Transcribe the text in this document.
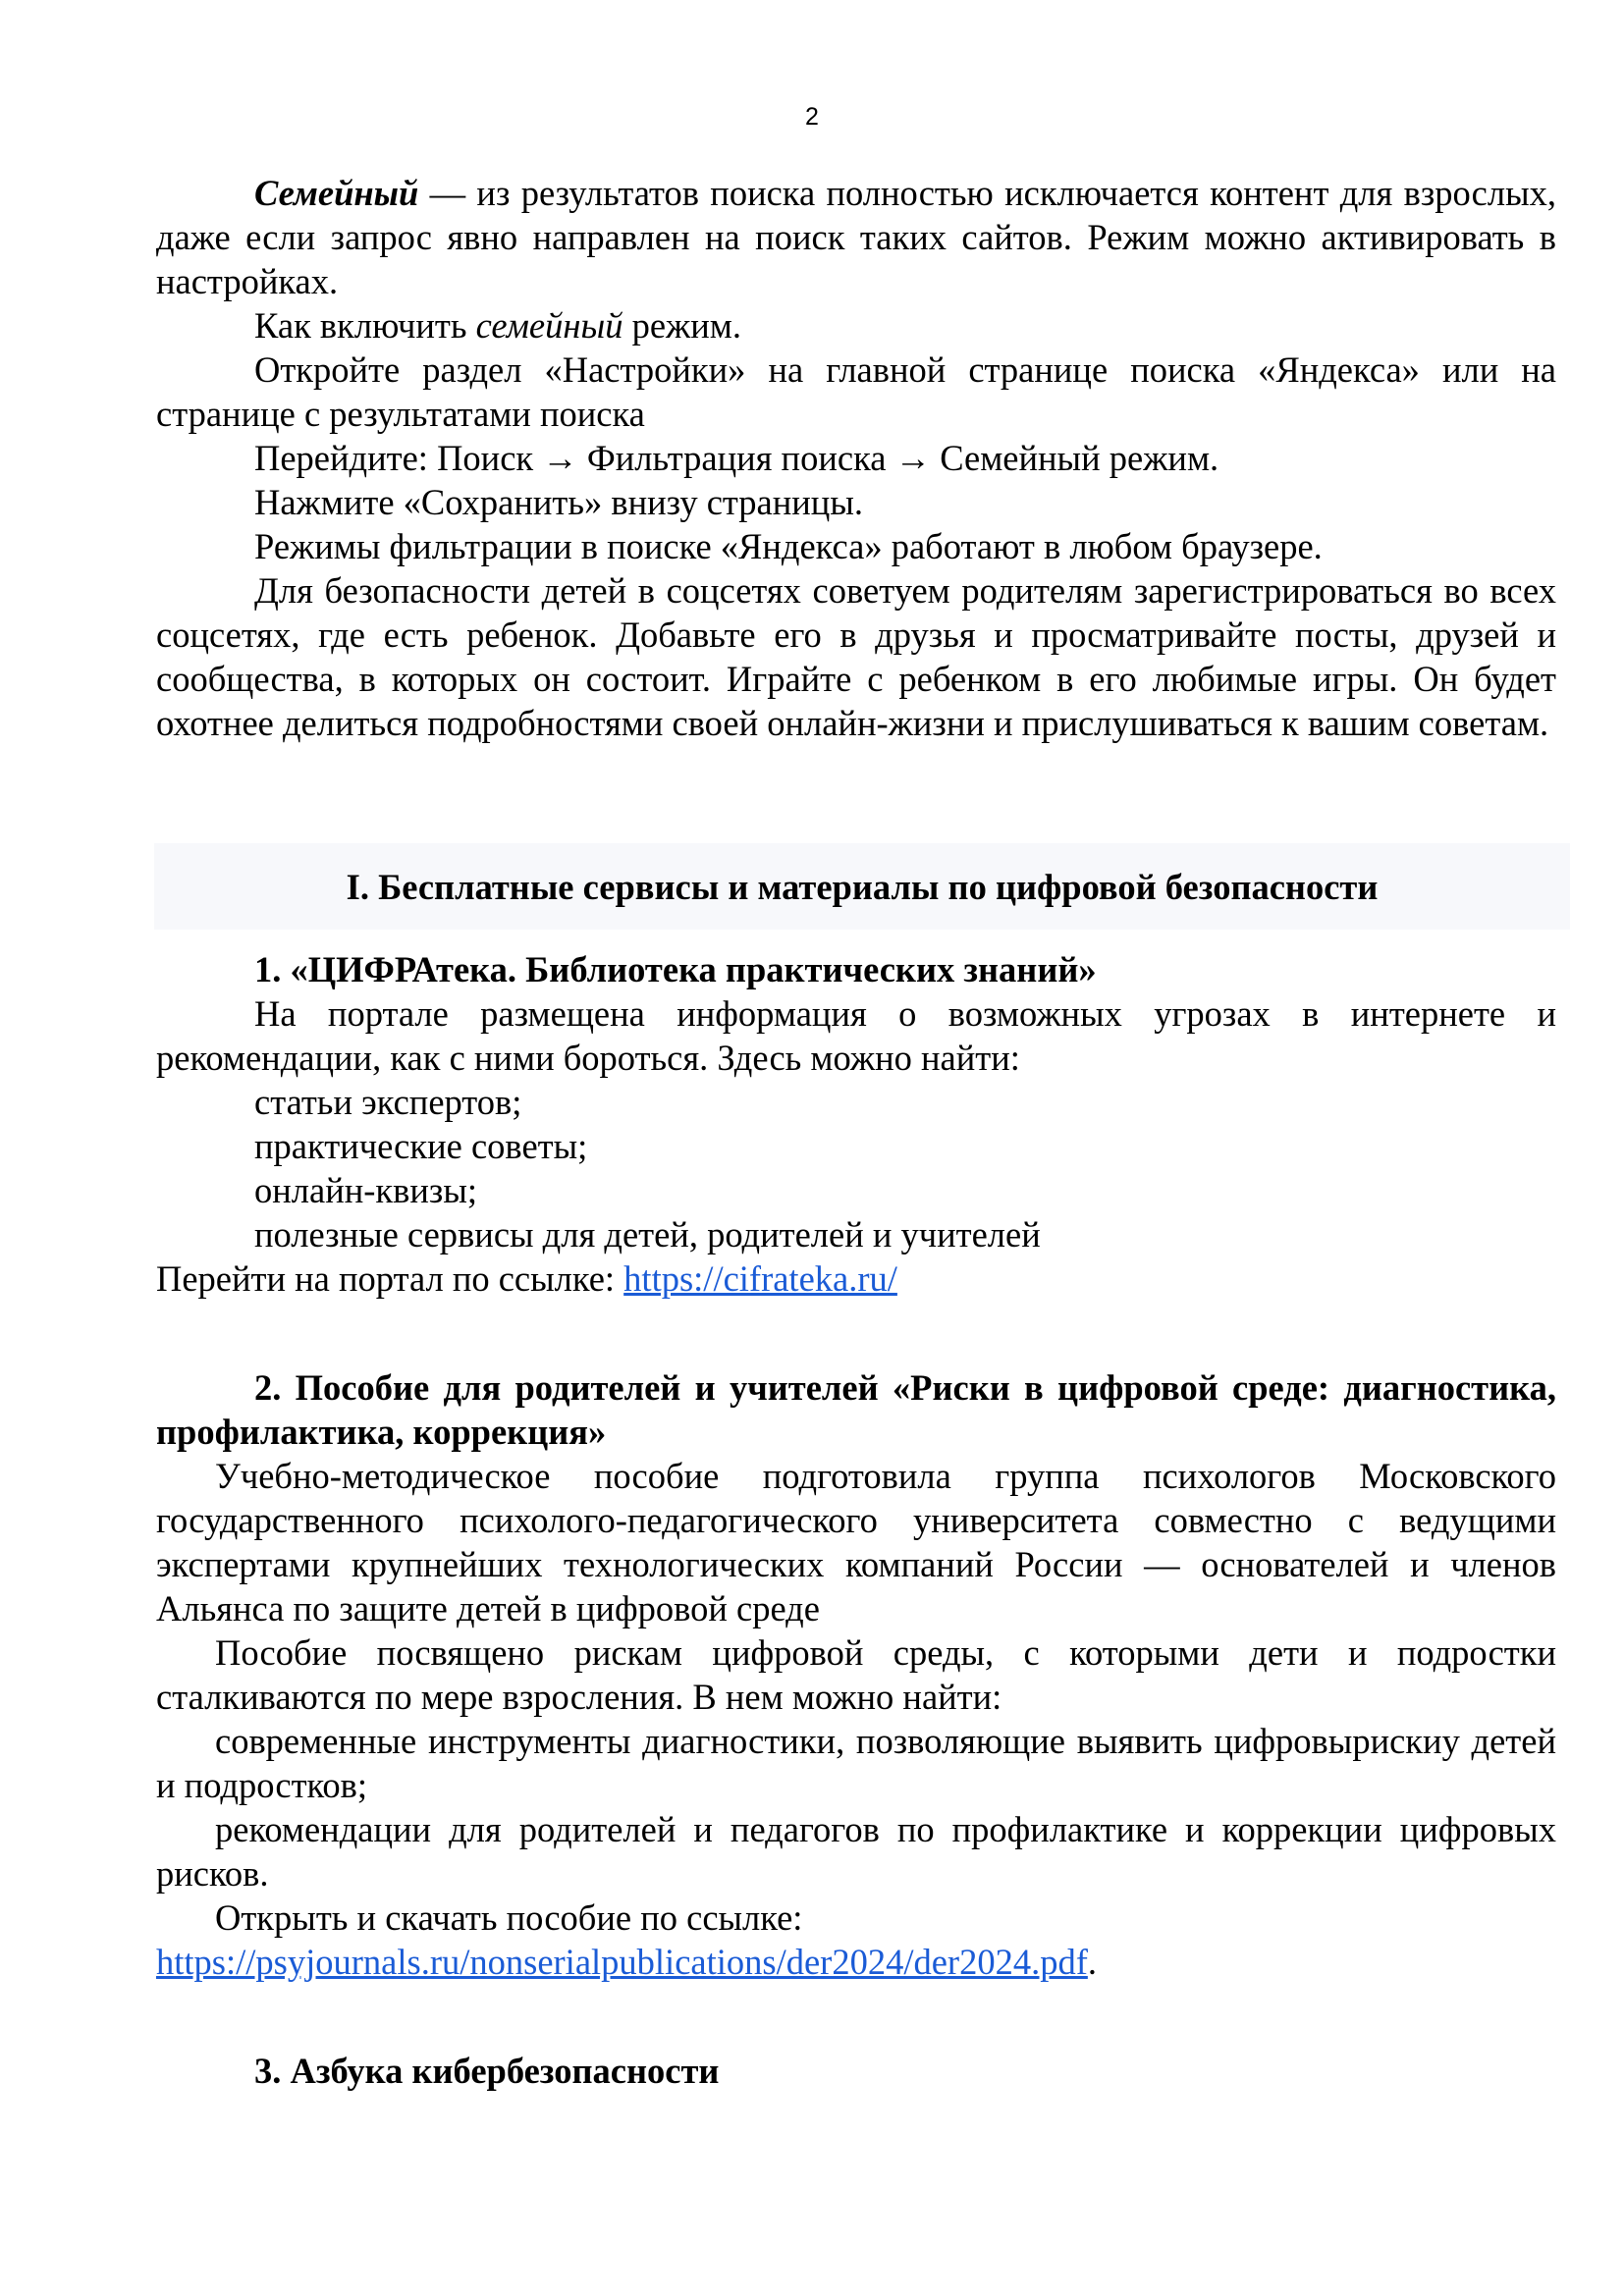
2

Семейный — из результатов поиска полностью исключается контент для взрослых, даже если запрос явно направлен на поиск таких сайтов. Режим можно активировать в настройках.

Как включить семейный режим.

Откройте раздел «Настройки» на главной странице поиска «Яндекса» или на странице с результатами поиска

Перейдите: Поиск → Фильтрация поиска → Семейный режим.

Нажмите «Сохранить» внизу страницы.

Режимы фильтрации в поиске «Яндекса» работают в любом браузере.

Для безопасности детей в соцсетях советуем родителям зарегистрироваться во всех соцсетях, где есть ребенок. Добавьте его в друзья и просматривайте посты, друзей и сообщества, в которых он состоит. Играйте с ребенком в его любимые игры. Он будет охотнее делиться подробностями своей онлайн-жизни и прислушиваться к вашим советам.

I. Бесплатные сервисы и материалы по цифровой безопасности

1. «ЦИФРАтека. Библиотека практических знаний»

На портале размещена информация о возможных угрозах в интернете и рекомендации, как с ними бороться. Здесь можно найти:

статьи экспертов;

практические советы;

онлайн-квизы;

полезные сервисы для детей, родителей и учителей

Перейти на портал по ссылке: https://cifrateka.ru/

2. Пособие для родителей и учителей «Риски в цифровой среде: диагностика, профилактика, коррекция»

Учебно-методическое пособие подготовила группа психологов Московского государственного психолого-педагогического университета совместно с ведущими экспертами крупнейших технологических компаний России — основателей и членов Альянса по защите детей в цифровой среде

Пособие посвящено рискам цифровой среды, с которыми дети и подростки сталкиваются по мере взросления. В нем можно найти:

современные инструменты диагностики, позволяющие выявить цифровырискиу детей и подростков;

рекомендации для родителей и педагогов по профилактике и коррекции цифровых рисков.

Открыть и скачать пособие по ссылке:

https://psyjournals.ru/nonserialpublications/der2024/der2024.pdf.

3. Азбука кибербезопасности
